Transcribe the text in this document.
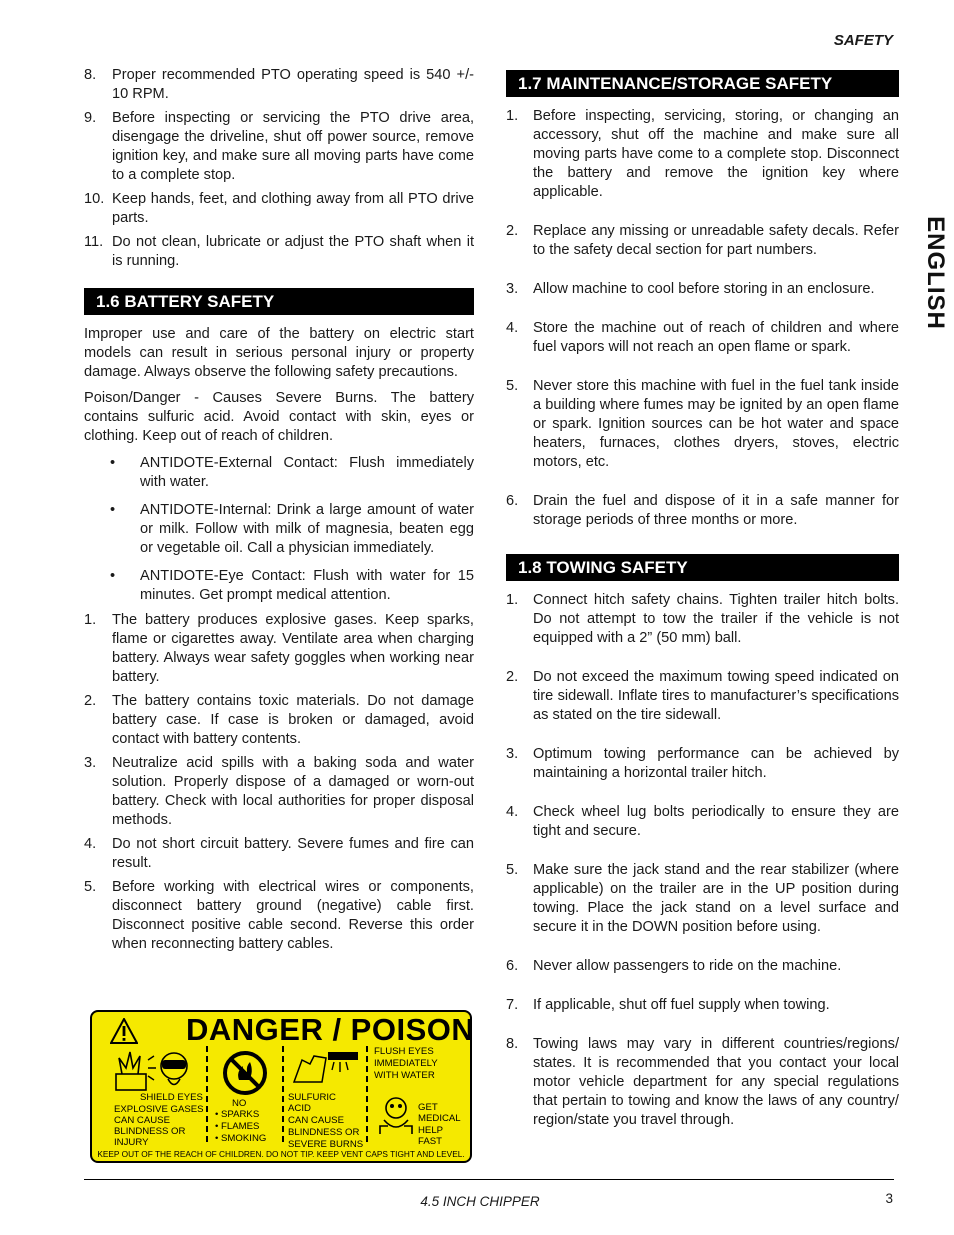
SAFETY
ENGLISH
8.	Proper recommended PTO operating speed is 540 +/- 10 RPM.
9.	Before inspecting or servicing the PTO drive area, disengage the driveline, shut off power source, remove ignition key, and make sure all moving parts have come to a complete stop.
10. Keep hands, feet, and clothing away from all PTO drive parts.
11. Do not clean, lubricate or adjust the PTO shaft when it is running.
1.6 BATTERY SAFETY

Improper use and care of the battery on electric start models can result in serious personal injury or property damage. Always observe the following safety precautions.

Poison/Danger - Causes Severe Burns. The battery contains sulfuric acid. Avoid contact with skin, eyes or clothing. Keep out of reach of children.

•	ANTIDOTE-External Contact: Flush immediately with water.
•	ANTIDOTE-Internal: Drink a large amount of water or milk. Follow with milk of magnesia, beaten egg or vegetable oil. Call a physician immediately.
•	ANTIDOTE-Eye Contact: Flush with water for 15 minutes. Get prompt medical attention.
1.	The battery produces explosive gases. Keep sparks, flame or cigarettes away. Ventilate area when charging battery. Always wear safety goggles when working near battery.
2.	The battery contains toxic materials. Do not damage battery case. If case is broken or damaged, avoid contact with battery contents.
3.	Neutralize acid spills with a baking soda and water solution. Properly dispose of a damaged or worn-out battery. Check with local authorities for proper disposal methods.
4.	Do not short circuit battery. Severe fumes and fire can result.
5.	Before working with electrical wires or components, disconnect battery ground (negative) cable first. Disconnect positive cable second. Reverse this order when reconnecting battery cables.
DANGER / POISON
SHIELD EYES
EXPLOSIVE GASES
CAN CAUSE
BLINDNESS OR
INJURY
NO
• SPARKS
• FLAMES
• SMOKING
SULFURIC
ACID
CAN CAUSE
BLINDNESS OR
SEVERE BURNS
FLUSH EYES
IMMEDIATELY
WITH WATER
GET
MEDICAL
HELP
FAST
KEEP OUT OF THE REACH OF CHILDREN. DO NOT TIP. KEEP VENT CAPS TIGHT AND LEVEL.
1.7 MAINTENANCE/STORAGE SAFETY
1.	Before inspecting, servicing, storing, or changing an accessory, shut off the machine and make sure all moving parts have come to a complete stop. Disconnect the battery and remove the ignition key where applicable.
2.	Replace any missing or unreadable safety decals. Refer to the safety decal section for part numbers.
3.	Allow machine to cool before storing in an enclosure.
4.	Store the machine out of reach of children and where fuel vapors will not reach an open flame or spark.
5.	Never store this machine with fuel in the fuel tank inside a building where fumes may be ignited by an open flame or spark. Ignition sources can be hot water and space heaters, furnaces, clothes dryers, stoves, electric motors, etc.
6.	Drain the fuel and dispose of it in a safe manner for storage periods of three months or more.
1.8 TOWING SAFETY
1.	Connect hitch safety chains. Tighten trailer hitch bolts. Do not attempt to tow the trailer if the vehicle is not equipped with a 2” (50 mm) ball.
2.	Do not exceed the maximum towing speed indicated on tire sidewall. Inflate tires to manufacturer’s specifications as stated on the tire sidewall.
3.	Optimum towing performance can be achieved by maintaining a horizontal trailer hitch.
4.	Check wheel lug bolts periodically to ensure they are tight and secure.
5.	Make sure the jack stand and the rear stabilizer (where applicable) on the trailer are in the UP position during towing. Place the jack stand on a level surface and secure it in the DOWN position before using.
6.	Never allow passengers to ride on the machine.
7.	If applicable, shut off fuel supply when towing.
8.	Towing laws may vary in different countries/regions/ states. It is recommended that you contact your local motor vehicle department for any special regulations that pertain to towing and know the laws of any country/ region/state you travel through.
4.5 INCH CHIPPER	3
